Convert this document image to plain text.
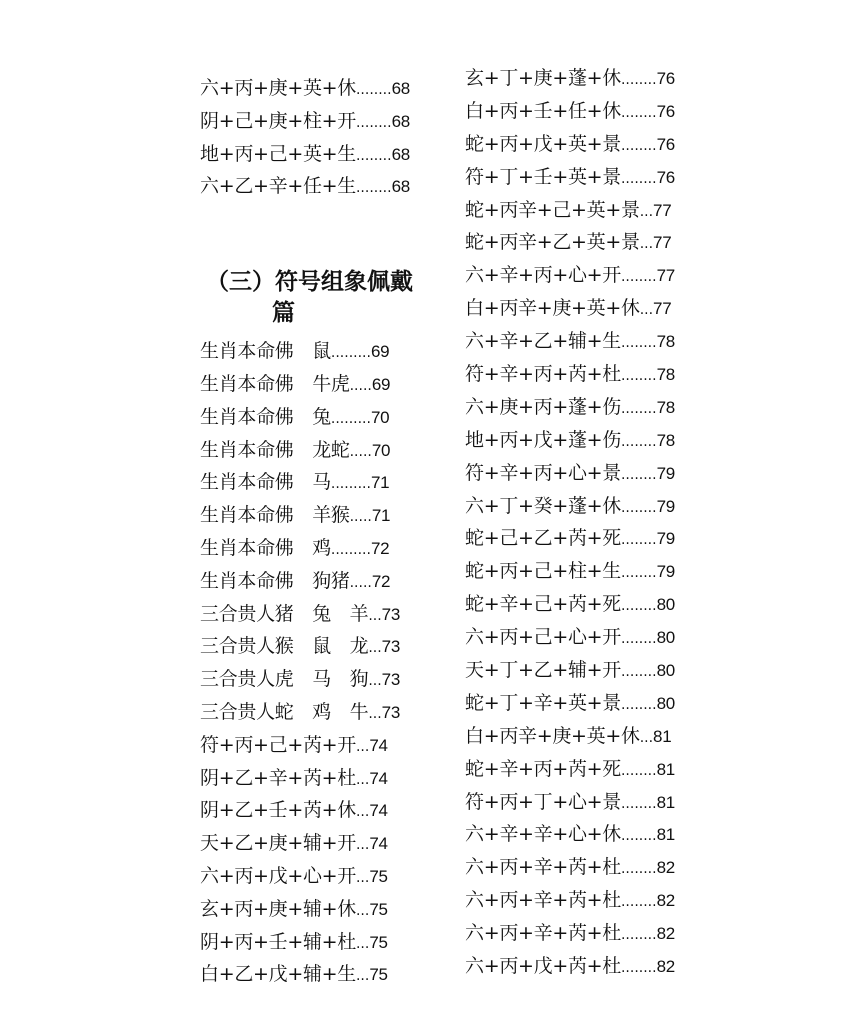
六+丙+庚+英+休........68
阴+己+庚+柱+开........68
地+丙+己+英+生........68
六+乙+辛+任+生........68
（三）符号组象佩戴
篇
生肖本命佛　鼠.........69
生肖本命佛　牛虎.....69
生肖本命佛　兔.........70
生肖本命佛　龙蛇.....70
生肖本命佛　马.........71
生肖本命佛　羊猴.....71
生肖本命佛　鸡.........72
生肖本命佛　狗猪.....72
三合贵人猪　兔　羊...73
三合贵人猴　鼠　龙...73
三合贵人虎　马　狗...73
三合贵人蛇　鸡　牛...73
符+丙+己+芮+开...74
阴+乙+辛+芮+杜...74
阴+乙+壬+芮+休...74
天+乙+庚+辅+开...74
六+丙+戊+心+开...75
玄+丙+庚+辅+休...75
阴+丙+壬+辅+杜...75
白+乙+戊+辅+生...75
玄+丁+庚+蓬+休........76
白+丙+壬+任+休........76
蛇+丙+戊+英+景........76
符+丁+壬+英+景........76
蛇+丙辛+己+英+景...77
蛇+丙辛+乙+英+景...77
六+辛+丙+心+开........77
白+丙辛+庚+英+休...77
六+辛+乙+辅+生........78
符+辛+丙+芮+杜........78
六+庚+丙+蓬+伤........78
地+丙+戊+蓬+伤........78
符+辛+丙+心+景........79
六+丁+癸+蓬+休........79
蛇+己+乙+芮+死........79
蛇+丙+己+柱+生........79
蛇+辛+己+芮+死........80
六+丙+己+心+开........80
天+丁+乙+辅+开........80
蛇+丁+辛+英+景........80
白+丙辛+庚+英+休...81
蛇+辛+丙+芮+死........81
符+丙+丁+心+景........81
六+辛+辛+心+休........81
六+丙+辛+芮+杜........82
六+丙+辛+芮+杜........82
六+丙+辛+芮+杜........82
六+丙+戊+芮+杜........82
